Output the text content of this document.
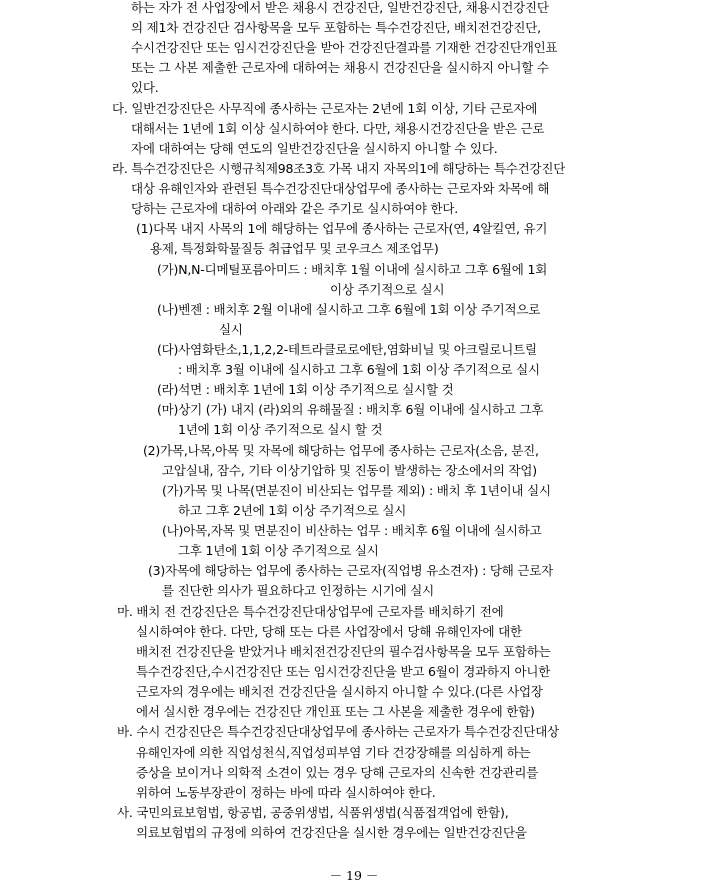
하는 자가 전 사업장에서 받은 채용시 건강진단, 일반건강진단, 채용시건강진단
의 제1차 건강진단 검사항목을 모두 포함하는 특수건강진단, 배치전건강진단,
수시건강진단 또는 임시건강진단을 받아 건강진단결과를 기재한 건강진단개인표
또는 그 사본 제출한 근로자에 대하여는 채용시 건강진단을 실시하지 아니할 수
있다.
다. 일반건강진단은 사무직에 종사하는 근로자는 2년에 1회 이상, 기타 근로자에
대해서는 1년에 1회 이상 실시하여야 한다. 다만, 채용시건강진단을 받은 근로
자에 대하여는 당해 연도의 일반건강진단을 실시하지 아니할 수 있다.
라. 특수건강진단은 시행규칙제98조3호 가목 내지 자목의1에 해당하는 특수건강진단
대상 유해인자와 관련된 특수건강진단대상업무에 종사하는 근로자와 차목에 해
당하는 근로자에 대하여 아래와 같은 주기로 실시하여야 한다.
(1)다목 내지 사목의 1에 해당하는 업무에 종사하는 근로자(연, 4알킬연, 유기
용제, 특정화학물질등 취급업무 및 코우크스 제조업무)
(가)N,N-디메틸포름아미드 : 배치후 1월 이내에 실시하고 그후 6월에 1회
이상 주기적으로 실시
(나)벤젠 : 배치후 2월 이내에 실시하고 그후 6월에 1회 이상 주기적으로
실시
(다)사염화탄소,1,1,2,2-테트라클로로에탄,염화비닐 및 아크릴로니트릴
: 배치후 3월 이내에 실시하고 그후 6월에 1회 이상 주기적으로 실시
(라)석면 : 배치후 1년에 1회 이상 주기적으로 실시할 것
(마)상기 (가) 내지 (라)외의 유해물질 : 배치후 6월 이내에 실시하고 그후
1년에 1회 이상 주기적으로 실시 할 것
(2)가목,나목,아목 및 자목에 해당하는 업무에 종사하는 근로자(소음, 분진,
고압실내, 잠수, 기타 이상기압하 및 진동이 발생하는 장소에서의 작업)
(가)가목 및 나목(면분진이 비산되는 업무를 제외) : 배치 후 1년이내 실시
하고 그후 2년에 1회 이상 주기적으로 실시
(나)아목,자목 및 면분진이 비산하는 업무 : 배치후 6월 이내에 실시하고
그후 1년에 1회 이상 주기적으로 실시
(3)자목에 해당하는 업무에 종사하는 근로자(직업병 유소견자) : 당해 근로자
를 진단한 의사가 필요하다고 인정하는 시기에 실시
마. 배치 전 건강진단은 특수건강진단대상업무에 근로자를 배치하기 전에
실시하여야 한다. 다만, 당해 또는 다른 사업장에서 당해 유해인자에 대한
배치전 건강진단을 받았거나 배치전건강진단의 필수검사항목을 모두 포함하는
특수건강진단,수시건강진단 또는 임시건강진단을 받고 6월이 경과하지 아니한
근로자의 경우에는 배치전 건강진단을 실시하지 아니할 수 있다.(다른 사업장
에서 실시한 경우에는 건강진단 개인표 또는 그 사본을 제출한 경우에 한함)
바. 수시 건강진단은 특수건강진단대상업무에 종사하는 근로자가 특수건강진단대상
유해인자에 의한 직업성천식,직업성피부염 기타 건강장해를 의심하게 하는
증상을 보이거나 의학적 소견이 있는 경우 당해 근로자의 신속한 건강관리를
위하여 노동부장관이 정하는 바에 따라 실시하여야 한다.
사. 국민의료보험법, 항공법, 공중위생법, 식품위생법(식품접객업에 한함),
의료보험법의 규정에 의하여 건강진단을 실시한 경우에는 일반건강진단을
－ 19 －
